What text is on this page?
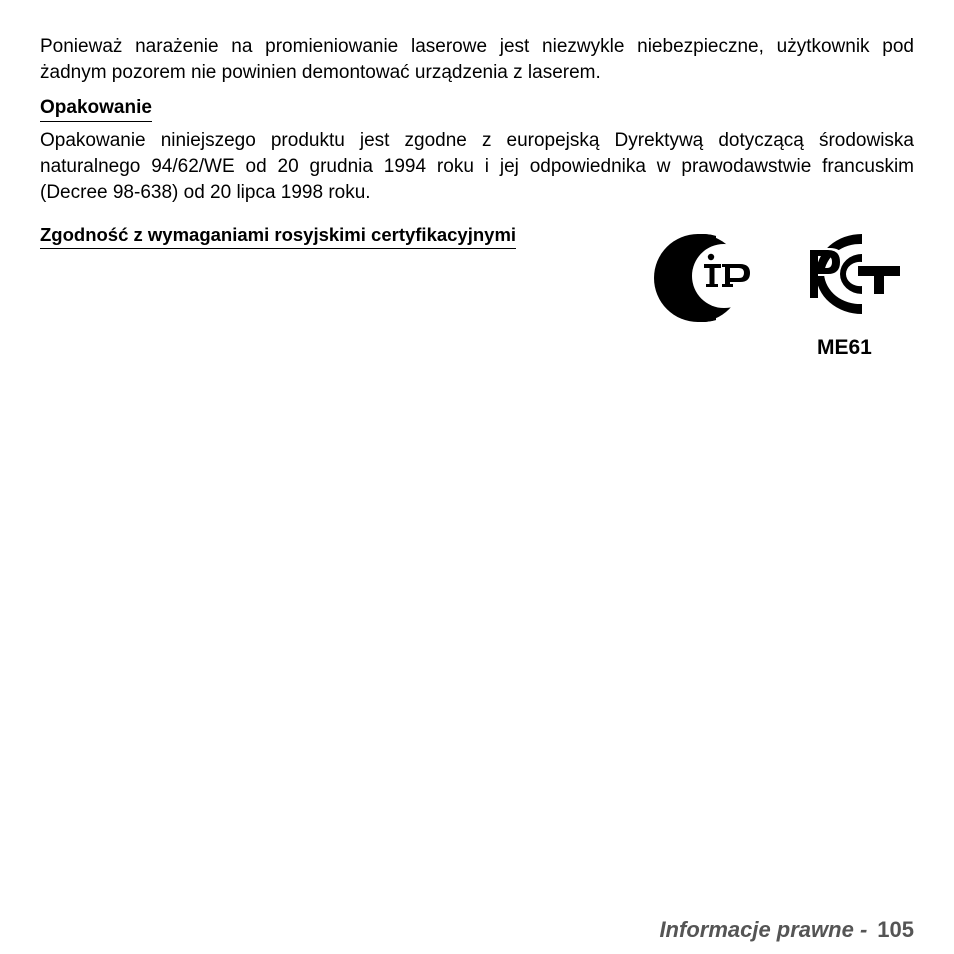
Ponieważ narażenie na promieniowanie laserowe jest niezwykle niebezpieczne, użytkownik pod żadnym pozorem nie powinien demontować urządzenia z laserem.

Opakowanie

Opakowanie niniejszego produktu jest zgodne z europejską Dyrektywą dotyczącą środowiska naturalnego 94/62/WE od 20 grudnia 1994 roku i jej odpowiednika w prawodawstwie francuskim (Decree 98-638) od 20 lipca 1998 roku.

Zgodność z wymaganiami rosyjskimi certyfikacyjnymi
ME61
Informacje prawne - 105
